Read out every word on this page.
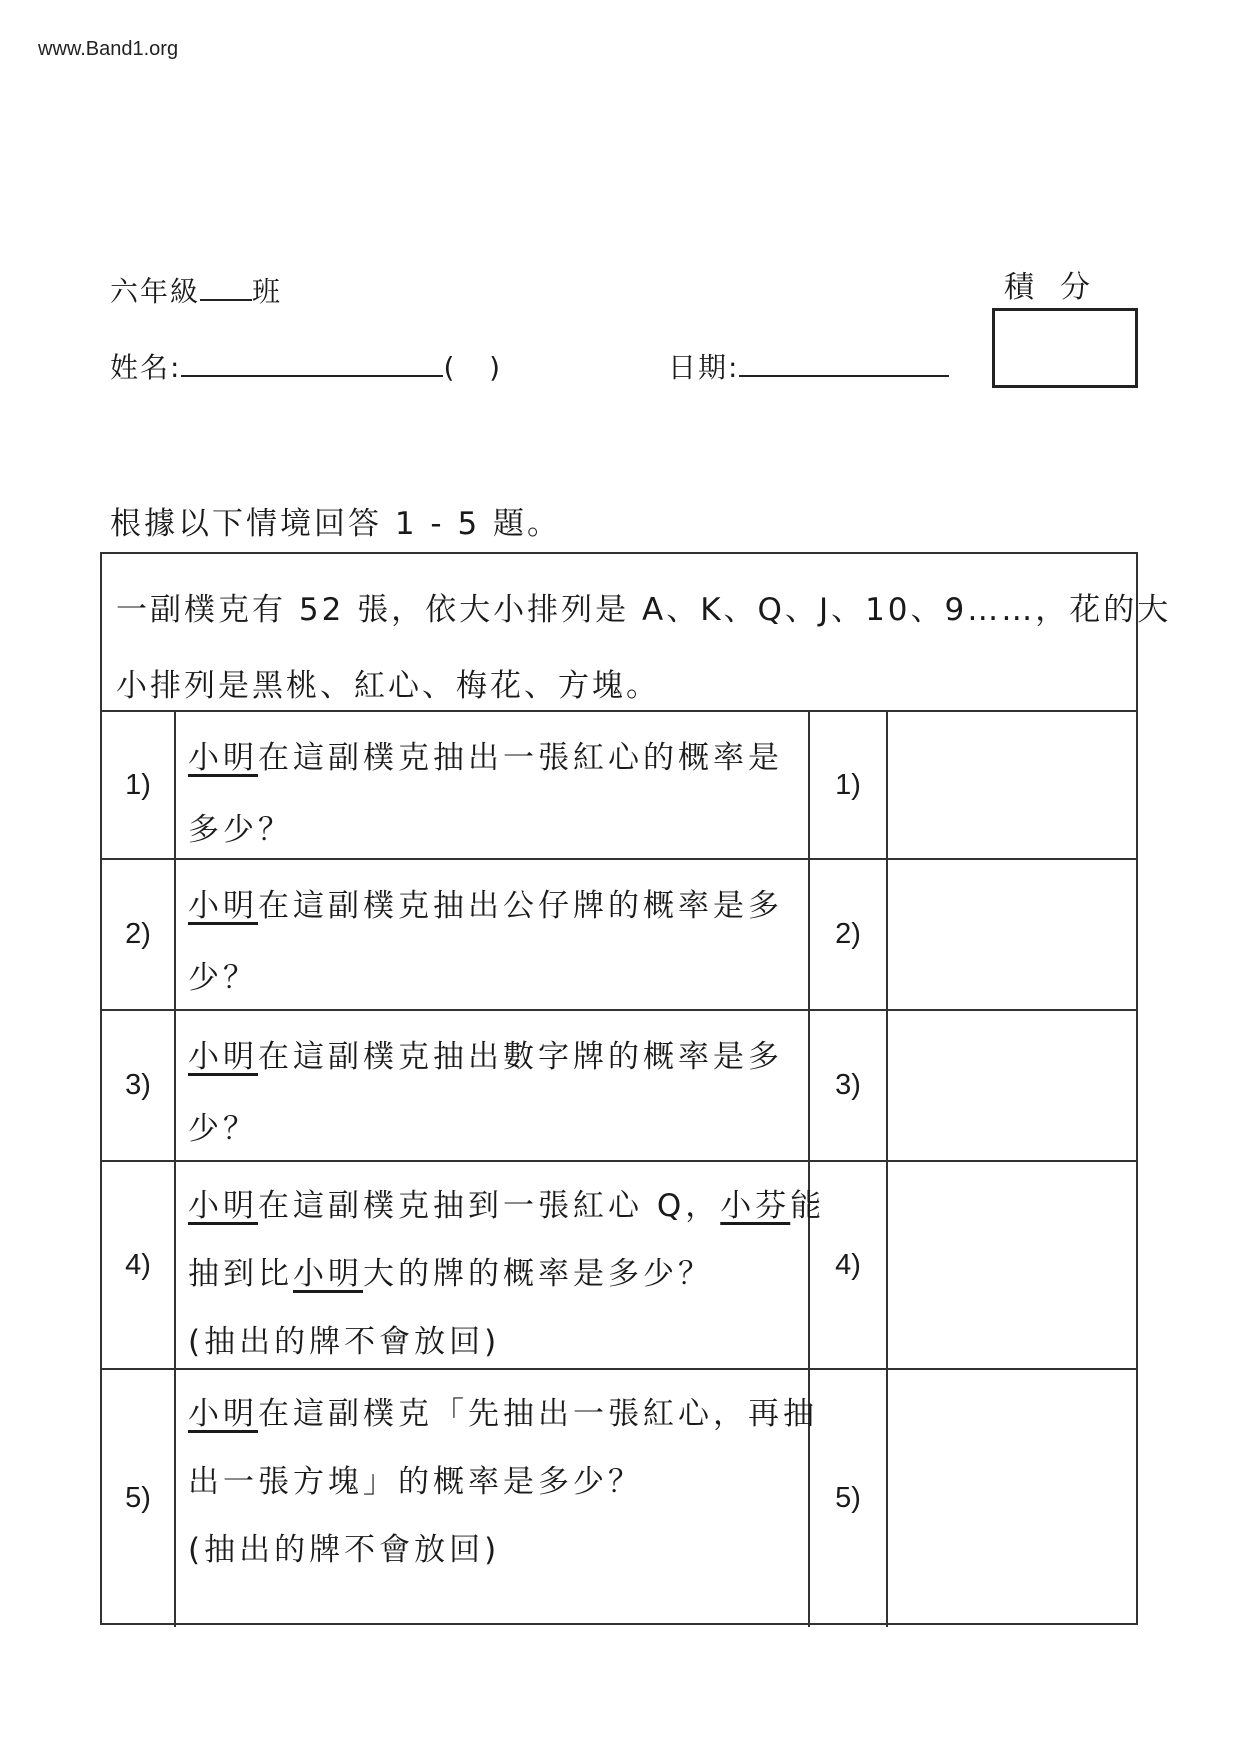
www.Band1.org
六年級 班
姓名:	(   )	日期:
積分
根據以下情境回答 1 - 5 題。
一副樸克有 52 張，依大小排列是 A、K、Q、J、10、9……，花的大
小排列是黑桃、紅心、梅花、方塊。
1)
小明在這副樸克抽出一張紅心的概率是
多少？
1)
2)
小明在這副樸克抽出公仔牌的概率是多
少？
2)
3)
小明在這副樸克抽出數字牌的概率是多
少？
3)
4)
小明在這副樸克抽到一張紅心 Q，小芬能
抽到比小明大的牌的概率是多少？
(抽出的牌不會放回)
4)
5)
小明在這副樸克「先抽出一張紅心，再抽
出一張方塊」的概率是多少？
(抽出的牌不會放回)
5)
